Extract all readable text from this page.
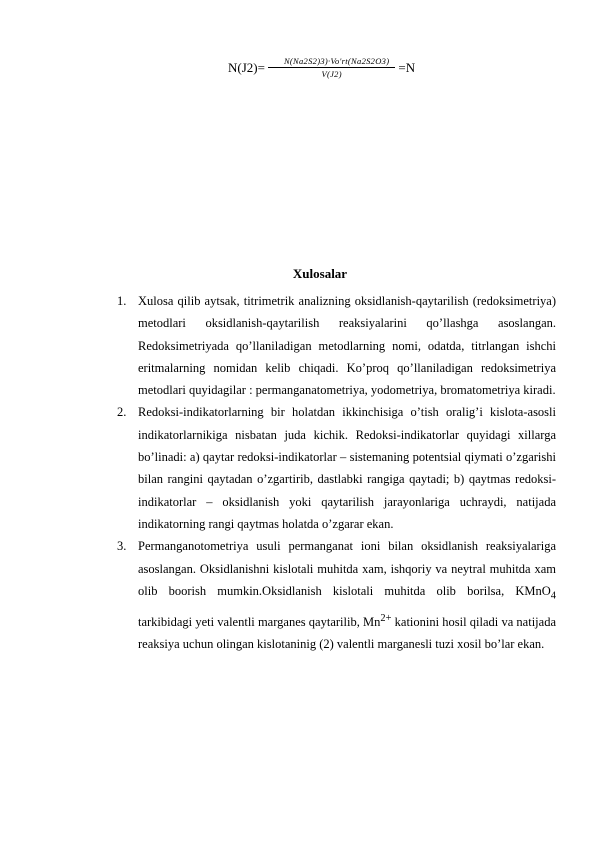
$N(J2)= \frac{N(Na2S2)3)\cdot Vo'rt(Na2S2O3)}{V(J2)} =N$
Xulosalar
1. Xulosa qilib aytsak, titrimetrik analizning oksidlanish-qaytarilish (redoksimetriya) metodlari oksidlanish-qaytarilish reaksiyalarini qo’llashga asoslangan. Redoksimetriyada qo’llaniladigan metodlarning nomi, odatda, titrlangan ishchi eritmalarning nomidan kelib chiqadi. Ko’proq qo’llaniladigan redoksimetriya metodlari quyidagilar : permanganatometriya, yodometriya, bromatometriya kiradi.
2. Redoksi-indikatorlarning bir holatdan ikkinchisiga o’tish oralig’i kislota-asosli indikatorlarnikiga nisbatan juda kichik. Redoksi-indikatorlar quyidagi xillarga bo’linadi: a) qaytar redoksi-indikatorlar – sistemaning potentsial qiymati o’zgarishi bilan rangini qaytadan o’zgartirib, dastlabki rangiga qaytadi; b) qaytmas redoksi-indikatorlar – oksidlanish yoki qaytarilish jarayonlariga uchraydi, natijada indikatorning rangi qaytmas holatda o’zgarar ekan.
3. Permanganotometriya usuli permanganat ioni bilan oksidlanish reaksiyalariga asoslangan. Oksidlanishni kislotali muhitda xam, ishqoriy va neytral muhitda xam olib boorish mumkin.Oksidlanish kislotali muhitda olib borilsa, KMnO$_4$ tarkibidagi yeti valentli marganes qaytarilib, $Mn^{2+}$ kationini hosil qiladi va natijada reaksiya uchun olingan kislotaninig (2) valentli marganesli tuzi xosil bo’lar ekan.
